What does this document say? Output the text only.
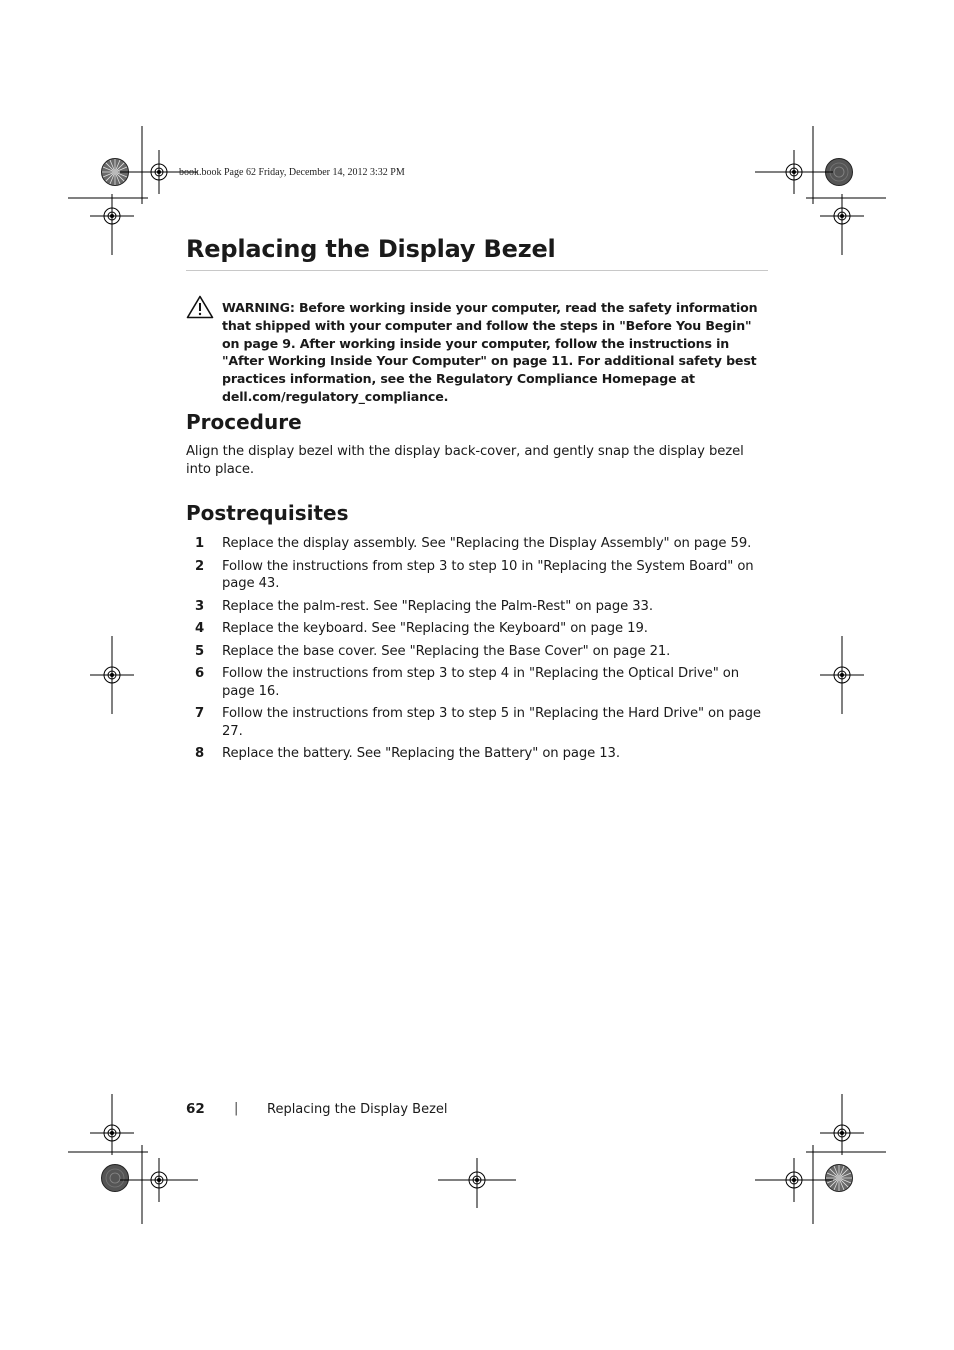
book.book Page 62 Friday, December 14, 2012 3:32 PM
Replacing the Display Bezel

WARNING: Before working inside your computer, read the safety information that shipped with your computer and follow the steps in "Before You Begin" on page 9. After working inside your computer, follow the instructions in "After Working Inside Your Computer" on page 11. For additional safety best practices information, see the Regulatory Compliance Homepage at dell.com/regulatory_compliance.

Procedure

Align the display bezel with the display back-cover, and gently snap the display bezel into place.

Postrequisites
1 Replace the display assembly. See "Replacing the Display Assembly" on page 59.
2 Follow the instructions from step 3 to step 10 in "Replacing the System Board" on page 43.
3 Replace the palm-rest. See "Replacing the Palm-Rest" on page 33.
4 Replace the keyboard. See "Replacing the Keyboard" on page 19.
5 Replace the base cover. See "Replacing the Base Cover" on page 21.
6 Follow the instructions from step 3 to step 4 in "Replacing the Optical Drive" on page 16.
7 Follow the instructions from step 3 to step 5 in "Replacing the Hard Drive" on page 27.
8 Replace the battery. See "Replacing the Battery" on page 13.
62 | Replacing the Display Bezel
